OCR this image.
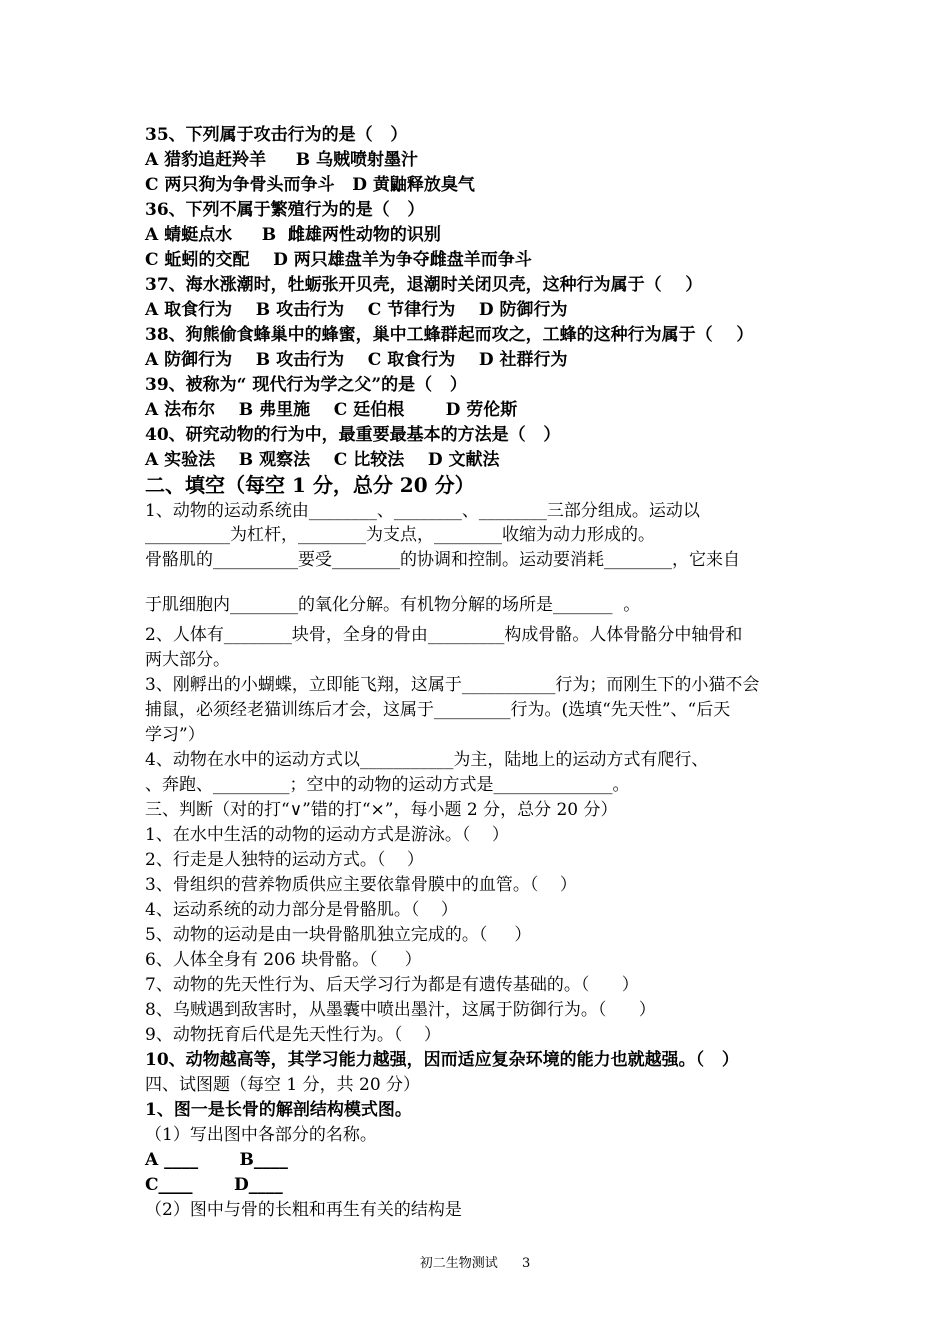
35、下列属于攻击行为的是（   ）
A 猎豹追赶羚羊     B 乌贼喷射墨汁
C 两只狗为争骨头而争斗   D 黄鼬释放臭气
36、下列不属于繁殖行为的是（   ）
A 蜻蜓点水     B  雌雄两性动物的识别
C 蚯蚓的交配    D 两只雄盘羊为争夺雌盘羊而争斗
37、海水涨潮时，牡蛎张开贝壳，退潮时关闭贝壳，这种行为属于（    ）
A 取食行为    B 攻击行为    C 节律行为    D 防御行为
38、狗熊偷食蜂巢中的蜂蜜，巢中工蜂群起而攻之，工蜂的这种行为属于（    ）
A 防御行为    B 攻击行为    C 取食行为    D 社群行为
39、被称为“ 现代行为学之父”的是（   ）
A 法布尔    B 弗里施    C 廷伯根       D 劳伦斯
40、研究动物的行为中，最重要最基本的方法是（   ）
A 实验法    B 观察法    C 比较法    D 文献法
二、填空（每空 1 分，总分 20 分）
1、动物的运动系统由________、________、________三部分组成。运动以
__________为杠杆，________为支点，________收缩为动力形成的。
骨骼肌的__________要受________的协调和控制。运动要消耗________，它来自
于肌细胞内________的氧化分解。有机物分解的场所是_______  。
2、人体有________块骨，全身的骨由_________构成骨骼。人体骨骼分中轴骨和
两大部分。
3、刚孵出的小蝴蝶，立即能飞翔，这属于___________行为；而刚生下的小猫不会
捕鼠，必须经老猫训练后才会，这属于_________行为。(选填“先天性”、“后天
学习”）
4、动物在水中的运动方式以___________为主，陆地上的运动方式有爬行、
、奔跑、_________；空中的动物的运动方式是______________。
三、判断（对的打“∨”错的打“×”，每小题 2 分，总分 20 分）
1、在水中生活的动物的运动方式是游泳。（    ）
2、行走是人独特的运动方式。（    ）
3、骨组织的营养物质供应主要依靠骨膜中的血管。（    ）
4、运动系统的动力部分是骨骼肌。（    ）
5、动物的运动是由一块骨骼肌独立完成的。（     ）
6、人体全身有 206 块骨骼。（     ）
7、动物的先天性行为、后天学习行为都是有遗传基础的。（      ）
8、乌贼遇到敌害时，从墨囊中喷出墨汁，这属于防御行为。（      ）
9、动物抚育后代是先天性行为。（    ）
10、动物越高等，其学习能力越强，因而适应复杂环境的能力也就越强。（   ）
四、试图题（每空 1 分，共 20 分）
1、图一是长骨的解剖结构模式图。
（1）写出图中各部分的名称。
A ____       B____
C____       D____
（2）图中与骨的长粗和再生有关的结构是
初二生物测试 3
